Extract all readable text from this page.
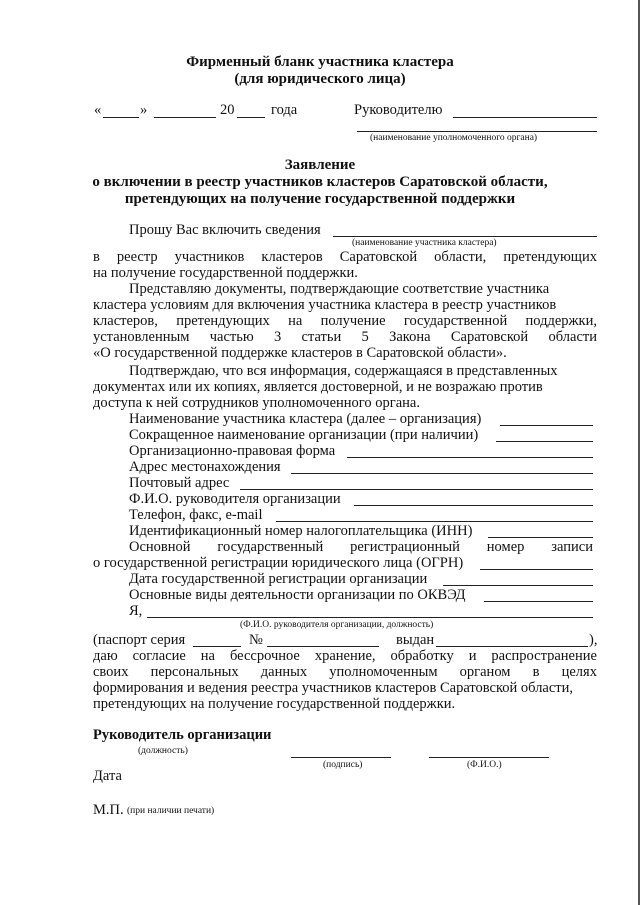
Фирменный бланк участника кластера
(для юридического лица)
«	»	20	года	Руководителю
(наименование уполномоченного органа)
Заявление
о включении в реестр участников кластеров Саратовской области,
претендующих на получение государственной поддержки
Прошу Вас включить сведения
(наименование участника кластера)
в реестр участников кластеров Саратовской области, претендующих
на получение государственной поддержки.
Представляю документы, подтверждающие соответствие участника
кластера условиям для включения участника кластера в реестр участников
кластеров, претендующих на получение государственной поддержки,
установленным частью 3 статьи 5 Закона Саратовской области
«О государственной поддержке кластеров в Саратовской области».
Подтверждаю, что вся информация, содержащаяся в представленных
документах или их копиях, является достоверной, и не возражаю против
доступа к ней сотрудников уполномоченного органа.
Наименование участника кластера (далее – организация)
Сокращенное наименование организации (при наличии)
Организационно-правовая форма
Адрес местонахождения
Почтовый адрес
Ф.И.О. руководителя организации
Телефон, факс, e-mail
Идентификационный номер налогоплательщика (ИНН)
Основной государственный регистрационный номер записи
о государственной регистрации юридического лица (ОГРН)
Дата государственной регистрации организации
Основные виды деятельности организации по ОКВЭД
Я,
(Ф.И.О. руководителя организации, должность)
(паспорт серия	№	выдан	),
даю согласие на бессрочное хранение, обработку и распространение
своих персональных данных уполномоченным органом в целях
формирования и ведения реестра участников кластеров Саратовской области,
претендующих на получение государственной поддержки.
Руководитель организации
(должность)
(подпись)	(Ф.И.О.)
Дата
М.П. (при наличии печати)
